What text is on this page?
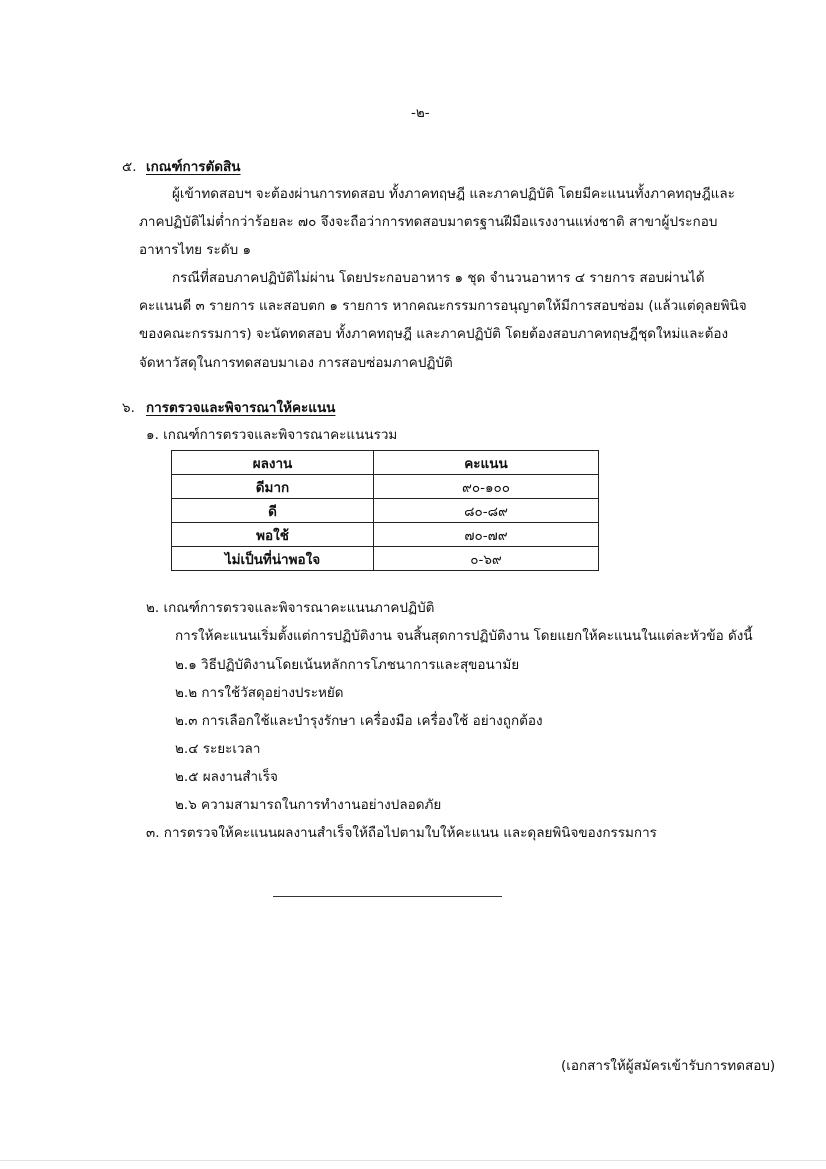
-๒-
๕. เกณฑ์การตัดสิน
ผู้เข้าทดสอบฯ จะต้องผ่านการทดสอบ ทั้งภาคทฤษฎี และภาคปฏิบัติ โดยมีคะแนนทั้งภาคทฤษฎีและ
ภาคปฏิบัติไม่ต่ำกว่าร้อยละ ๗๐ จึงจะถือว่าการทดสอบมาตรฐานฝีมือแรงงานแห่งชาติ สาขาผู้ประกอบ
อาหารไทย ระดับ ๑
กรณีที่สอบภาคปฏิบัติไม่ผ่าน โดยประกอบอาหาร ๑ ชุด จำนวนอาหาร ๔ รายการ สอบผ่านได้
คะแนนดี ๓ รายการ และสอบตก ๑ รายการ หากคณะกรรมการอนุญาตให้มีการสอบซ่อม (แล้วแต่ดุลยพินิจ
ของคณะกรรมการ) จะนัดทดสอบ ทั้งภาคทฤษฎี และภาคปฏิบัติ โดยต้องสอบภาคทฤษฎีชุดใหม่และต้อง
จัดหาวัสดุในการทดสอบมาเอง การสอบซ่อมภาคปฏิบัติ
๖. การตรวจและพิจารณาให้คะแนน
๑. เกณฑ์การตรวจและพิจารณาคะแนนรวม
ผลงาน	คะแนน
ดีมาก	๙๐-๑๐๐
ดี	๘๐-๘๙
พอใช้	๗๐-๗๙
ไม่เป็นที่น่าพอใจ	๐-๖๙
๒. เกณฑ์การตรวจและพิจารณาคะแนนภาคปฏิบัติ
การให้คะแนนเริ่มตั้งแต่การปฏิบัติงาน จนสิ้นสุดการปฏิบัติงาน โดยแยกให้คะแนนในแต่ละหัวข้อ ดังนี้
๒.๑ วิธีปฏิบัติงานโดยเน้นหลักการโภชนาการและสุขอนามัย
๒.๒ การใช้วัสดุอย่างประหยัด
๒.๓ การเลือกใช้และบำรุงรักษา เครื่องมือ เครื่องใช้ อย่างถูกต้อง
๒.๔ ระยะเวลา
๒.๕ ผลงานสำเร็จ
๒.๖ ความสามารถในการทำงานอย่างปลอดภัย
๓. การตรวจให้คะแนนผลงานสำเร็จให้ถือไปตามใบให้คะแนน และดุลยพินิจของกรรมการ
(เอกสารให้ผู้สมัครเข้ารับการทดสอบ)
